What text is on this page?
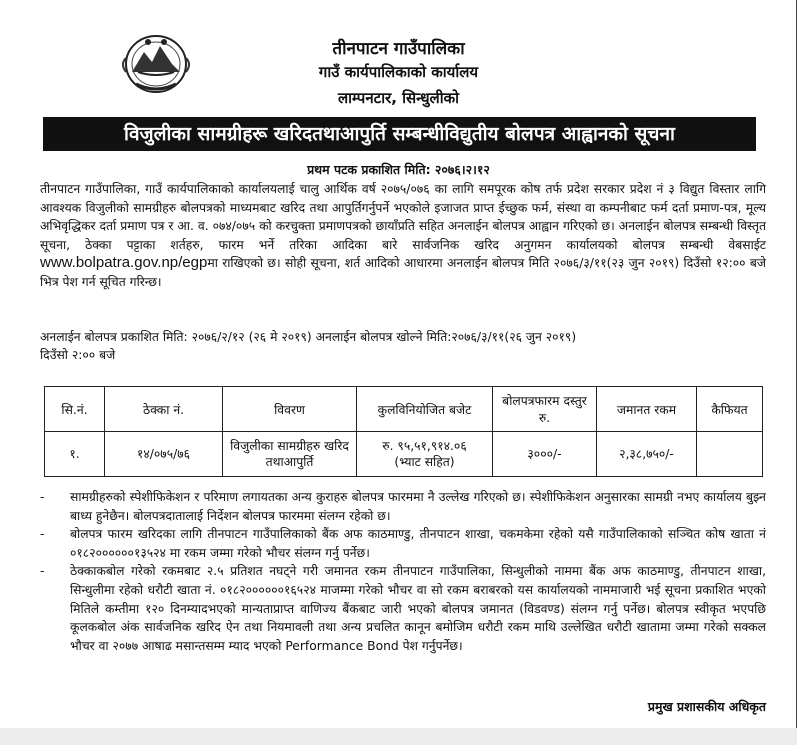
तीनपाटन गाउँपालिका
गाउँ कार्यपालिकाको कार्यालय
लाम्पनटार, सिन्धुलीको
विजुलीका सामग्रीहरू खरिदतथाआपुर्ति सम्बन्धीविद्युतीय बोलपत्र आह्वानको सूचना
प्रथम पटक प्रकाशित मिति: २०७६।२।१२

तीनपाटन गाउँपालिका, गाउँ कार्यपालिकाको कार्यालयलाई चालु आर्थिक वर्ष २०७५/०७६ का लागि समपूरक कोष तर्फ प्रदेश सरकार प्रदेश नं ३ विद्युत विस्तार लागि आवश्यक विजुलीको सामग्रीहरु बोलपत्रको माध्यमबाट खरिद तथा आपुर्तिगर्नुपर्ने भएकोले इजाजत प्राप्त ईच्छुक फर्म, संस्था वा कम्पनीबाट फर्म दर्ता प्रमाण-पत्र, मूल्य अभिवृद्धिकर दर्ता प्रमाण पत्र र आ. व. ०७४/०७५ को करचुक्ता प्रमाणपत्रको छायाँप्रति सहित अनलाईन बोलपत्र आह्वान गरिएको छ। अनलाईन बोलपत्र सम्बन्धी विस्तृत सूचना, ठेक्का पट्टाका शर्तहरु, फारम भर्ने तरिका आदिका बारे सार्वजनिक खरिद अनुगमन कार्यालयको बोलपत्र सम्बन्धी वेबसाईट www.bolpatra.gov.np/egpमा राखिएको छ। सोही सूचना, शर्त आदिको आधारमा अनलाईन बोलपत्र मिति २०७६/३/११(२३ जुन २०१९) दिउँसो १२:०० बजे भित्र पेश गर्न सूचित गरिन्छ।

अनलाईन बोलपत्र प्रकाशित मिति: २०७६/२/१२ (२६ मे २०१९) अनलाईन बोलपत्र खोल्ने मिति:२०७६/३/११(२६ जुन २०१९)
दिउँसो २:०० बजे
सि.नं.	ठेक्का नं.	विवरण	कुलविनियोजित बजेट	बोलपत्रफारम दस्तुर रु.	जमानत रकम	कैफियत
१.	१४/०७५/७६	विजुलीका सामग्रीहरु खरिद तथाआपुर्ति	रु. ९५,५१,९१४.०६
(भ्याट सहित)	३०००/-	२,३८,७५०/-	
- सामग्रीहरुको स्पेशीफिकेशन र परिमाण लगायतका अन्य कुराहरु बोलपत्र फारममा नै उल्लेख गरिएको छ। स्पेशीफिकेशन अनुसारका सामग्री नभए कार्यालय बुझ्न बाध्य हुनेछैन। बोलपत्रदातालाई निर्देशन बोलपत्र फारममा संलग्न रहेको छ।
- बोलपत्र फारम खरिदका लागि तीनपाटन गाउँपालिकाको बैंक अफ काठमाण्डु, तीनपाटन शाखा, चकमकेमा रहेको यसै गाउँपालिकाको सञ्चित कोष खाता नं ०१८२००००००१३५२४ मा रकम जम्मा गरेको भौचर संलग्न गर्नु पर्नेछ।
- ठेक्काकबोल गरेको रकमबाट २.५ प्रतिशत नघट्ने गरी जमानत रकम तीनपाटन गाउँपालिका, सिन्धुलीको नाममा बैंक अफ काठमाण्डु, तीनपाटन शाखा, सिन्धुलीमा रहेको धरौटी खाता नं. ०१८२००००००१६५२४ माजम्मा गरेको भौचर वा सो रकम बराबरको यस कार्यालयको नाममाजारी भई सूचना प्रकाशित भएको मितिले कम्तीमा १२० दिनम्यादभएको मान्यताप्राप्त वाणिज्य बैंकबाट जारी भएको बोलपत्र जमानत (विडवण्ड) संलग्न गर्नु पर्नेछ। बोलपत्र स्वीकृत भएपछि कूलकबोल अंक सार्वजनिक खरिद ऐन तथा नियमावली तथा अन्य प्रचलित कानून बमोजिम धरौटी रकम माथि उल्लेखित धरौटी खातामा जम्मा गरेको सक्कल भौचर वा २०७७ आषाढ मसान्तसम्म म्याद भएको Performance Bond पेश गर्नुपर्नेछ।
प्रमुख प्रशासकीय अधिकृत
